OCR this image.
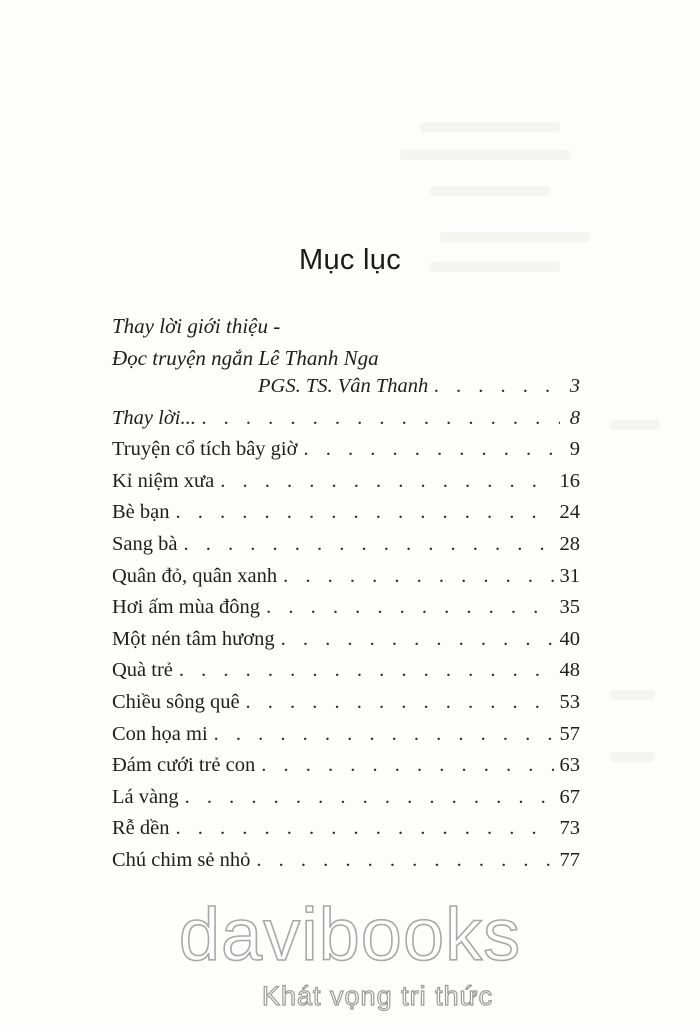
Mục lục
Thay lời giới thiệu -
Đọc truyện ngắn Lê Thanh Nga
PGS. TS. Vân Thanh . . .	3
Thay lời... . . .	8
Truyện cổ tích bây giờ . . .	9
Kỉ niệm xưa . . .	16
Bè bạn . . .	24
Sang bà . . .	28
Quân đỏ, quân xanh . . .	31
Hơi ấm mùa đông . . .	35
Một nén tâm hương . . .	40
Quà trẻ . . .	48
Chiều sông quê . . .	53
Con họa mi . . .	57
Đám cưới trẻ con . . .	63
Lá vàng . . .	67
Rễ dền . . .	73
Chú chim sẻ nhỏ . . .	77
davibooks
Khát vọng tri thức
